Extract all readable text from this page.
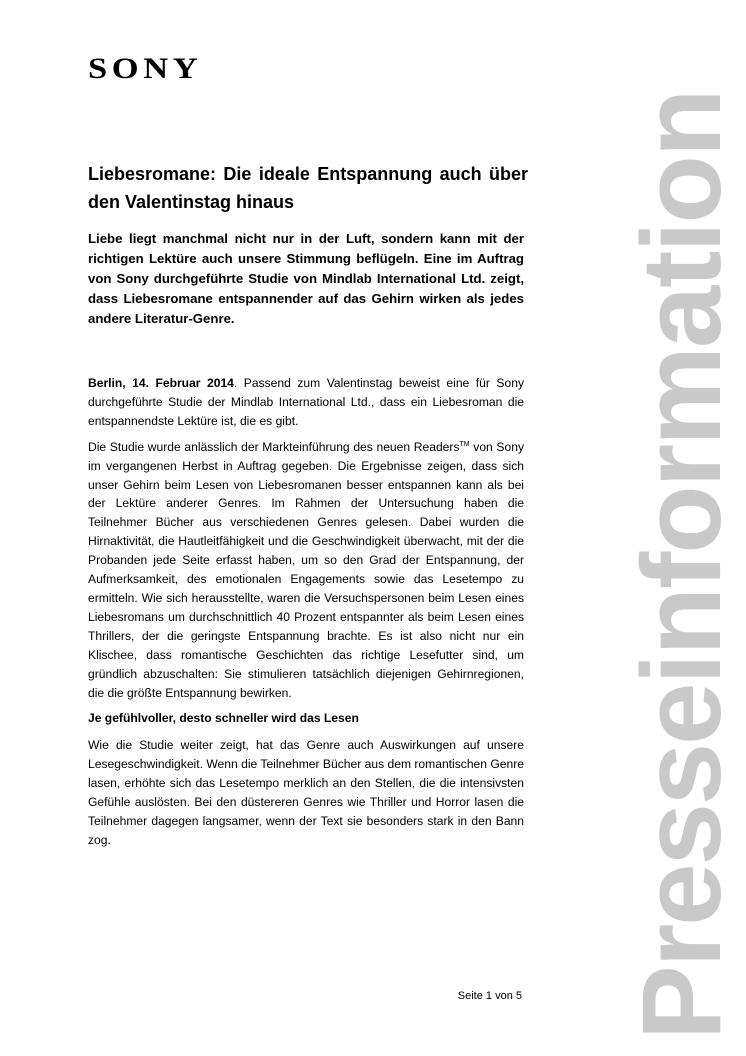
SONY
Presseinformation
Liebesromane: Die ideale Entspannung auch über den Valentinstag hinaus

Liebe liegt manchmal nicht nur in der Luft, sondern kann mit der richtigen Lektüre auch unsere Stimmung beflügeln. Eine im Auftrag von Sony durchgeführte Studie von Mindlab International Ltd. zeigt, dass Liebesromane entspannender auf das Gehirn wirken als jedes andere Literatur-Genre.

Berlin, 14. Februar 2014. Passend zum Valentinstag beweist eine für Sony durchgeführte Studie der Mindlab International Ltd., dass ein Liebesroman die entspannendste Lektüre ist, die es gibt.

Die Studie wurde anlässlich der Markteinführung des neuen Readers™ von Sony im vergangenen Herbst in Auftrag gegeben. Die Ergebnisse zeigen, dass sich unser Gehirn beim Lesen von Liebesromanen besser entspannen kann als bei der Lektüre anderer Genres. Im Rahmen der Untersuchung haben die Teilnehmer Bücher aus verschiedenen Genres gelesen. Dabei wurden die Hirnaktivität, die Hautleitfähigkeit und die Geschwindigkeit überwacht, mit der die Probanden jede Seite erfasst haben, um so den Grad der Entspannung, der Aufmerksamkeit, des emotionalen Engagements sowie das Lesetempo zu ermitteln. Wie sich herausstellte, waren die Versuchspersonen beim Lesen eines Liebesromans um durchschnittlich 40 Prozent entspannter als beim Lesen eines Thrillers, der die geringste Entspannung brachte. Es ist also nicht nur ein Klischee, dass romantische Geschichten das richtige Lesefutter sind, um gründlich abzuschalten: Sie stimulieren tatsächlich diejenigen Gehirnregionen, die die größte Entspannung bewirken.

Je gefühlvoller, desto schneller wird das Lesen

Wie die Studie weiter zeigt, hat das Genre auch Auswirkungen auf unsere Lesegeschwindigkeit. Wenn die Teilnehmer Bücher aus dem romantischen Genre lasen, erhöhte sich das Lesetempo merklich an den Stellen, die die intensivsten Gefühle auslösten. Bei den düstereren Genres wie Thriller und Horror lasen die Teilnehmer dagegen langsamer, wenn der Text sie besonders stark in den Bann zog.

Seite 1 von 5
